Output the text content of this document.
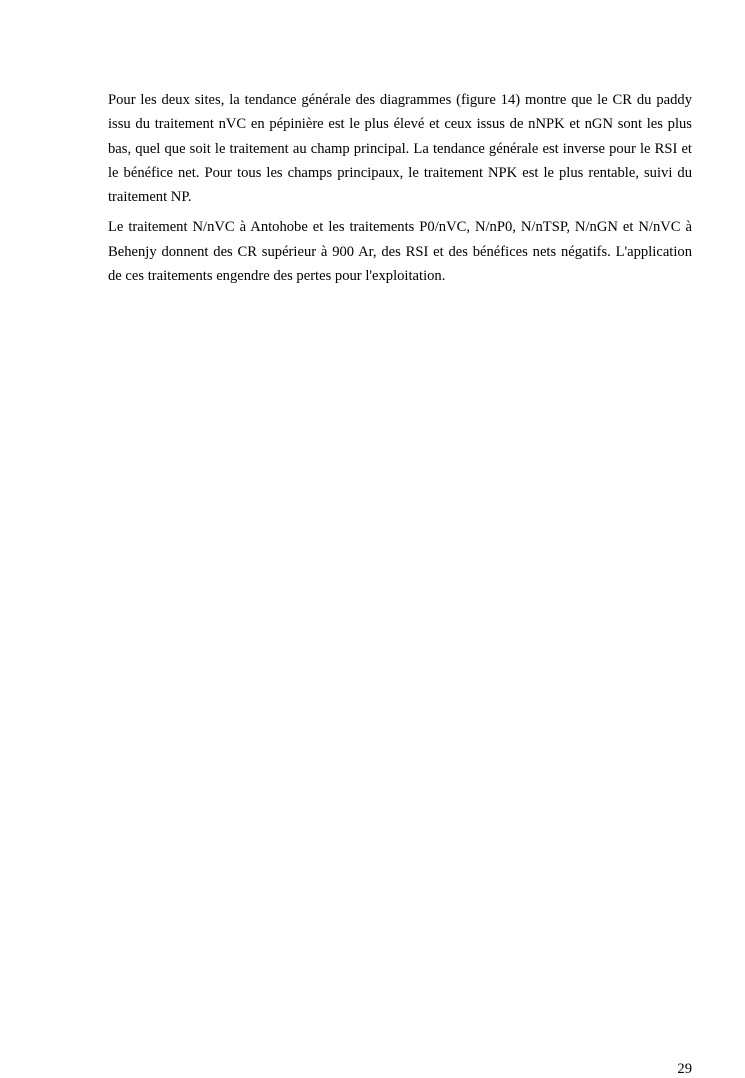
Pour les deux sites, la tendance générale des diagrammes (figure 14) montre que le CR du paddy issu du traitement nVC en pépinière est le plus élevé et ceux issus de nNPK et nGN sont les plus bas, quel que soit le traitement au champ principal. La tendance générale est inverse pour le RSI et le bénéfice net. Pour tous les champs principaux, le traitement NPK est le plus rentable, suivi du traitement NP.

Le traitement N/nVC à Antohobe et les traitements P0/nVC, N/nP0, N/nTSP, N/nGN et N/nVC à Behenjy donnent des CR supérieur à 900 Ar, des RSI et des bénéfices nets négatifs. L'application de ces traitements engendre des pertes pour l'exploitation.

29
